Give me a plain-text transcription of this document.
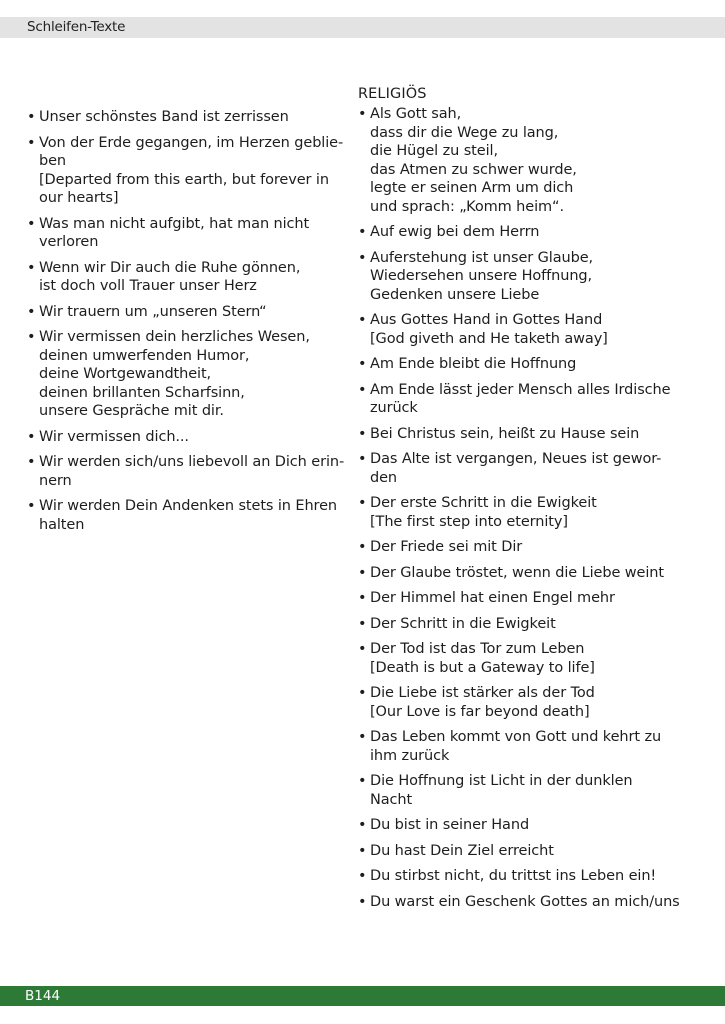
Schleifen-Texte
• Unser schönstes Band ist zerrissen
• Von der Erde gegangen, im Herzen geblie-
ben
[Departed from this earth, but forever in
our hearts]
• Was man nicht aufgibt, hat man nicht
verloren
• Wenn wir Dir auch die Ruhe gönnen,
ist doch voll Trauer unser Herz
• Wir trauern um „unseren Stern“
• Wir vermissen dein herzliches Wesen,
deinen umwerfenden Humor,
deine Wortgewandtheit,
deinen brillanten Scharfsinn,
unsere Gespräche mit dir.
• Wir vermissen dich...
• Wir werden sich/uns liebevoll an Dich erin-
nern
• Wir werden Dein Andenken stets in Ehren
halten
RELIGIÖS
• Als Gott sah,
dass dir die Wege zu lang,
die Hügel zu steil,
das Atmen zu schwer wurde,
legte er seinen Arm um dich
und sprach: „Komm heim“.
• Auf ewig bei dem Herrn
• Auferstehung ist unser Glaube,
Wiedersehen unsere Hoffnung,
Gedenken unsere Liebe
• Aus Gottes Hand in Gottes Hand
[God giveth and He taketh away]
• Am Ende bleibt die Hoffnung
• Am Ende lässt jeder Mensch alles Irdische
zurück
• Bei Christus sein, heißt zu Hause sein
• Das Alte ist vergangen, Neues ist gewor-
den
• Der erste Schritt in die Ewigkeit
[The first step into eternity]
• Der Friede sei mit Dir
• Der Glaube tröstet, wenn die Liebe weint
• Der Himmel hat einen Engel mehr
• Der Schritt in die Ewigkeit
• Der Tod ist das Tor zum Leben
[Death is but a Gateway to life]
• Die Liebe ist stärker als der Tod
[Our Love is far beyond death]
• Das Leben kommt von Gott und kehrt zu
ihm zurück
• Die Hoffnung ist Licht in der dunklen
Nacht
• Du bist in seiner Hand
• Du hast Dein Ziel erreicht
• Du stirbst nicht, du trittst ins Leben ein!
• Du warst ein Geschenk Gottes an mich/uns
B144
